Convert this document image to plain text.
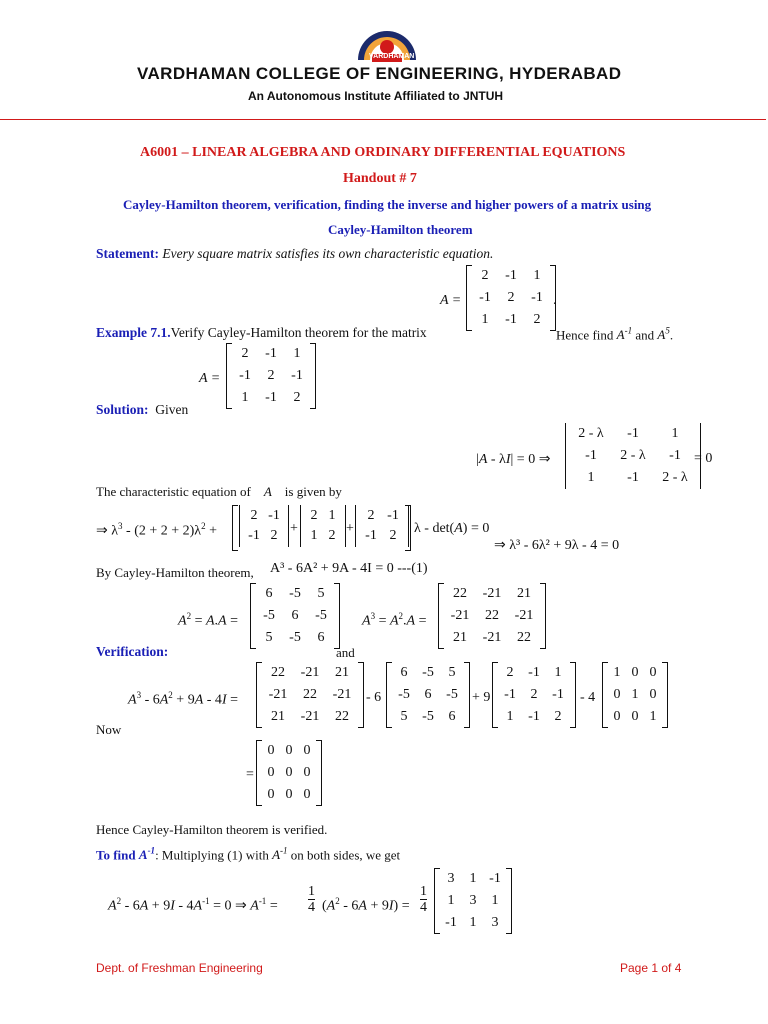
VARDHAMAN
VARDHAMAN COLLEGE OF ENGINEERING, HYDERABAD
An Autonomous Institute Affiliated to JNTUH
A6001 – LINEAR ALGEBRA AND ORDINARY DIFFERENTIAL EQUATIONS
Handout # 7
Cayley-Hamilton theorem, verification, finding the inverse and higher powers of a matrix using
Cayley-Hamilton theorem
Statement: Every square matrix satisfies its own characteristic equation.
A =
2	-1	1
-1	2	-1
1	-1	2
.
Example 7.1.Verify Cayley-Hamilton theorem for the matrix	Hence find $A^{-1}$ and $A^5$.
A =
2	-1	1
-1	2	-1
1	-1	2
Solution: Given
|A - λI| = 0 ⇒
2 - λ	-1	1
-1	2 - λ	-1
1	-1	2 - λ
= 0
The characteristic equation of A is given by
⇒ $\lambda^3 - (2 + 2 + 2)\lambda^2$ +
2 -1
-1 2 +
2 1
1 2 +
2 -1
-1 2	λ - det(A) = 0
⇒ λ³ - 6λ² + 9λ - 4 = 0
By Cayley-Hamilton theorem, A³ - 6A² + 9A - 4I = 0 ---(1)
$A^2 = A.A$ =
6	-5	5
-5	6	-5
5	-5	6
$A^3 = A^2.A$ =
22	-21	21
-21	22	-21
21	-21	22
Verification:	and
$A^3 - 6A^2 + 9A - 4I$ =
22	-21	21
-21	22	-21
21	-21	22
- 6
6	-5	5
-5	6	-5
5	-5	6
+ 9
2	-1	1
-1	2	-1
1	-1	2
- 4
1 0 0
0 1 0
0 0 1
Now
=
0 0 0
0 0 0
0 0 0
Hence Cayley-Hamilton theorem is verified.
To find $A^{-1}$: Multiplying (1) with $A^{-1}$ on both sides, we get
$A^2 - 6A + 9I - 4A^{-1} = 0$ ⇒ $A^{-1}$ =
1
4 $(A^2 - 6A + 9I)$ =
1
4
3	1 -1
1	3	1
-1 1	3
Dept. of Freshman Engineering	Page 1 of 4
